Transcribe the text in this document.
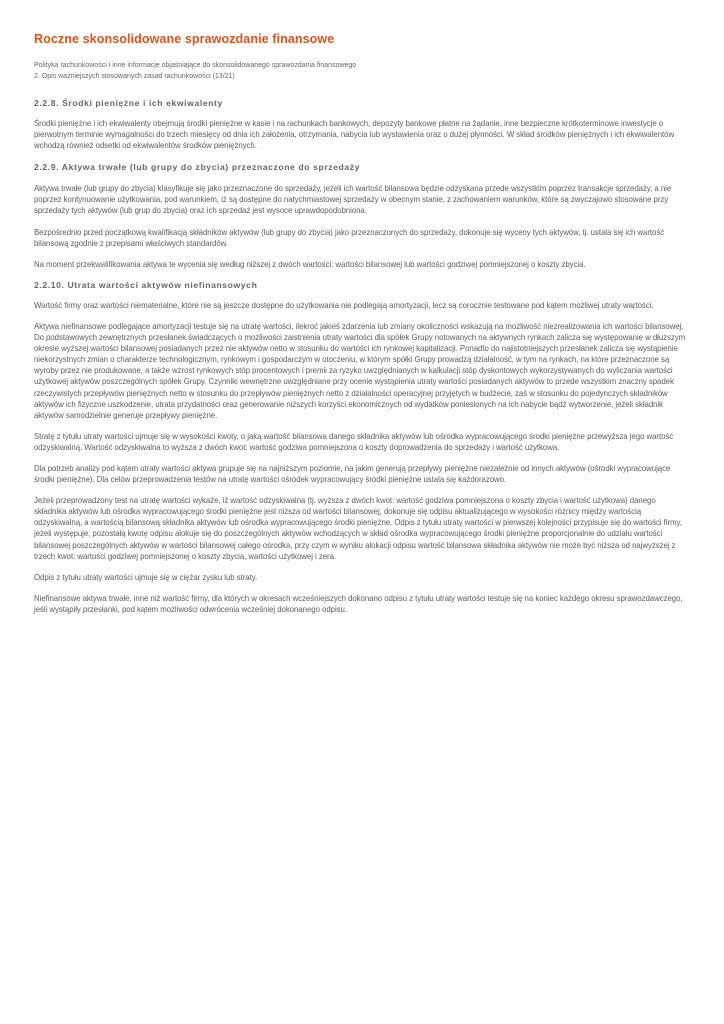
Roczne skonsolidowane sprawozdanie finansowe
Polityka rachunkowości i inne informacje objaśniające do skonsolidowanego sprawozdania finansowego
2. Opis ważniejszych stosowanych zasad rachunkowości (13/21)
2.2.8. Środki pieniężne i ich ekwiwalenty

Środki pieniężne i ich ekwiwalenty obejmują środki pieniężne w kasie i na rachunkach bankowych, depozyty bankowe płatne na żądanie, inne bezpieczne krótkoterminowe inwestycje o pierwotnym terminie wymagalności do trzech miesięcy od dnia ich założenia, otrzymania, nabycia lub wystawienia oraz o dużej płynności. W skład środków pieniężnych i ich ekwiwalentów wchodzą również odsetki od ekwiwalentów środków pieniężnych.

2.2.9. Aktywa trwałe (lub grupy do zbycia) przeznaczone do sprzedaży

Aktywa trwałe (lub grupy do zbycia) klasyfikuje się jako przeznaczone do sprzedaży, jeżeli ich wartość bilansowa będzie odzyskana przede wszystkim poprzez transakcje sprzedaży, a nie poprzez kontynuowanie użytkowania, pod warunkiem, iż są dostępne do natychmiastowej sprzedaży w obecnym stanie, z zachowaniem warunków, które są zwyczajowo stosowane przy sprzedaży tych aktywów (lub grup do zbycia) oraz ich sprzedaż jest wysoce uprawdopodobniona.

Bezpośrednio przed początkową kwalifikacją składników aktywów (lub grupy do zbycia) jako przeznaczonych do sprzedaży, dokonuje się wyceny tych aktywów, tj. ustala się ich wartość bilansową zgodnie z przepisami właściwych standardów.

Na moment przekwalifikowania aktywa te wycenia się według niższej z dwóch wartości: wartości bilansowej lub wartości godziwej pomniejszonej o koszty zbycia.

2.2.10. Utrata wartości aktywów niefinansowych

Wartość firmy oraz wartości niematerialne, które nie są jeszcze dostępne do użytkowania nie podlegają amortyzacji, lecz są corocznie testowane pod kątem możliwej utraty wartości.

Aktywa niefinansowe podlegające amortyzacji testuje się na utratę wartości, ilekroć jakieś zdarzenia lub zmiany okoliczności wskazują na możliwość niezrealizowania ich wartości bilansowej. Do podstawowych zewnętrznych przesłanek świadczących o możliwości zaistnienia utraty wartości dla spółek Grupy notowanych na aktywnych rynkach zalicza się występowanie w dłuższym okresie wyższej wartości bilansowej posiadanych przez nie aktywów netto w stosunku do wartości ich rynkowej kapitalizacji. Ponadto do najistotniejszych przesłanek zalicza się wystąpienie niekorzystnych zmian o charakterze technologicznym, rynkowym i gospodarczym w otoczeniu, w którym spółki Grupy prowadzą działalność, w tym na rynkach, na które przeznaczone są wyroby przez nie produkowane, a także wzrost rynkowych stóp procentowych i premii za ryzyko uwzględnianych w kalkulacji stóp dyskontowych wykorzystywanych do wyliczania wartości użytkowej aktywów poszczególnych spółek Grupy. Czynniki wewnętrzne uwzględniane przy ocenie wystąpienia utraty wartości posiadanych aktywów to przede wszystkim znaczny spadek rzeczywistych przepływów pieniężnych netto w stosunku do przepływów pieniężnych netto z działalności operacyjnej przyjętych w budżecie, zaś w stosunku do pojedynczych składników aktywów ich fizyczne uszkodzenie, utrata przydatności oraz generowanie niższych korzyści ekonomicznych od wydatków poniesionych na ich nabycie bądź wytworzenie, jeżeli składnik aktywów samodzielnie generuje przepływy pieniężne.

Stratę z tytułu utraty wartości ujmuje się w wysokości kwoty, o jaką wartość bilansowa danego składnika aktywów lub ośrodka wypracowującego środki pieniężne przewyższa jego wartość odzyskiwalną. Wartość odzyskiwalna to wyższa z dwóch kwot: wartość godziwa pomniejszona o koszty doprowadzenia do sprzedaży i wartość użytkowa.

Dla potrzeb analizy pod kątem utraty wartości aktywa grupuje się na najniższym poziomie, na jakim generują przepływy pieniężne niezależnie od innych aktywów (ośrodki wypracowujące środki pieniężne). Dla celów przeprowadzenia testów na utratę wartości ośrodek wypracowujący środki pieniężne ustala się każdorazowo.

Jeżeli przeprowadzony test na utratę wartości wykaże, iż wartość odzyskiwalna (tj. wyższa z dwóch kwot: wartość godziwa pomniejszona o koszty zbycia i wartość użytkowa) danego składnika aktywów lub ośrodka wypracowującego środki pieniężne jest niższa od wartości bilansowej, dokonuje się odpisu aktualizującego w wysokości różnicy między wartością odzyskiwalną, a wartością bilansową składnika aktywów lub ośrodka wypracowującego środki pieniężne. Odpis z tytułu utraty wartości w pierwszej kolejności przypisuje się do wartości firmy, jeżeli występuje, pozostałą kwotę odpisu alokuje się do poszczególnych aktywów wchodzących w skład ośrodka wypracowującego środki pieniężne proporcjonalnie do udziału wartości bilansowej poszczególnych aktywów w wartości bilansowej całego ośrodka, przy czym w wyniku alokacji odpisu wartość bilansowa składnika aktywów nie może być niższa od najwyższej z trzech kwot: wartości godziwej pomniejszonej o koszty zbycia, wartości użytkowej i zera.

Odpis z tytułu utraty wartości ujmuje się w ciężar zysku lub straty.

Niefinansowe aktywa trwałe, inne niż wartość firmy, dla których w okresach wcześniejszych dokonano odpisu z tytułu utraty wartości testuje się na koniec każdego okresu sprawozdawczego, jeśli wystąpiły przesłanki, pod kątem możliwości odwrócenia wcześniej dokonanego odpisu.
